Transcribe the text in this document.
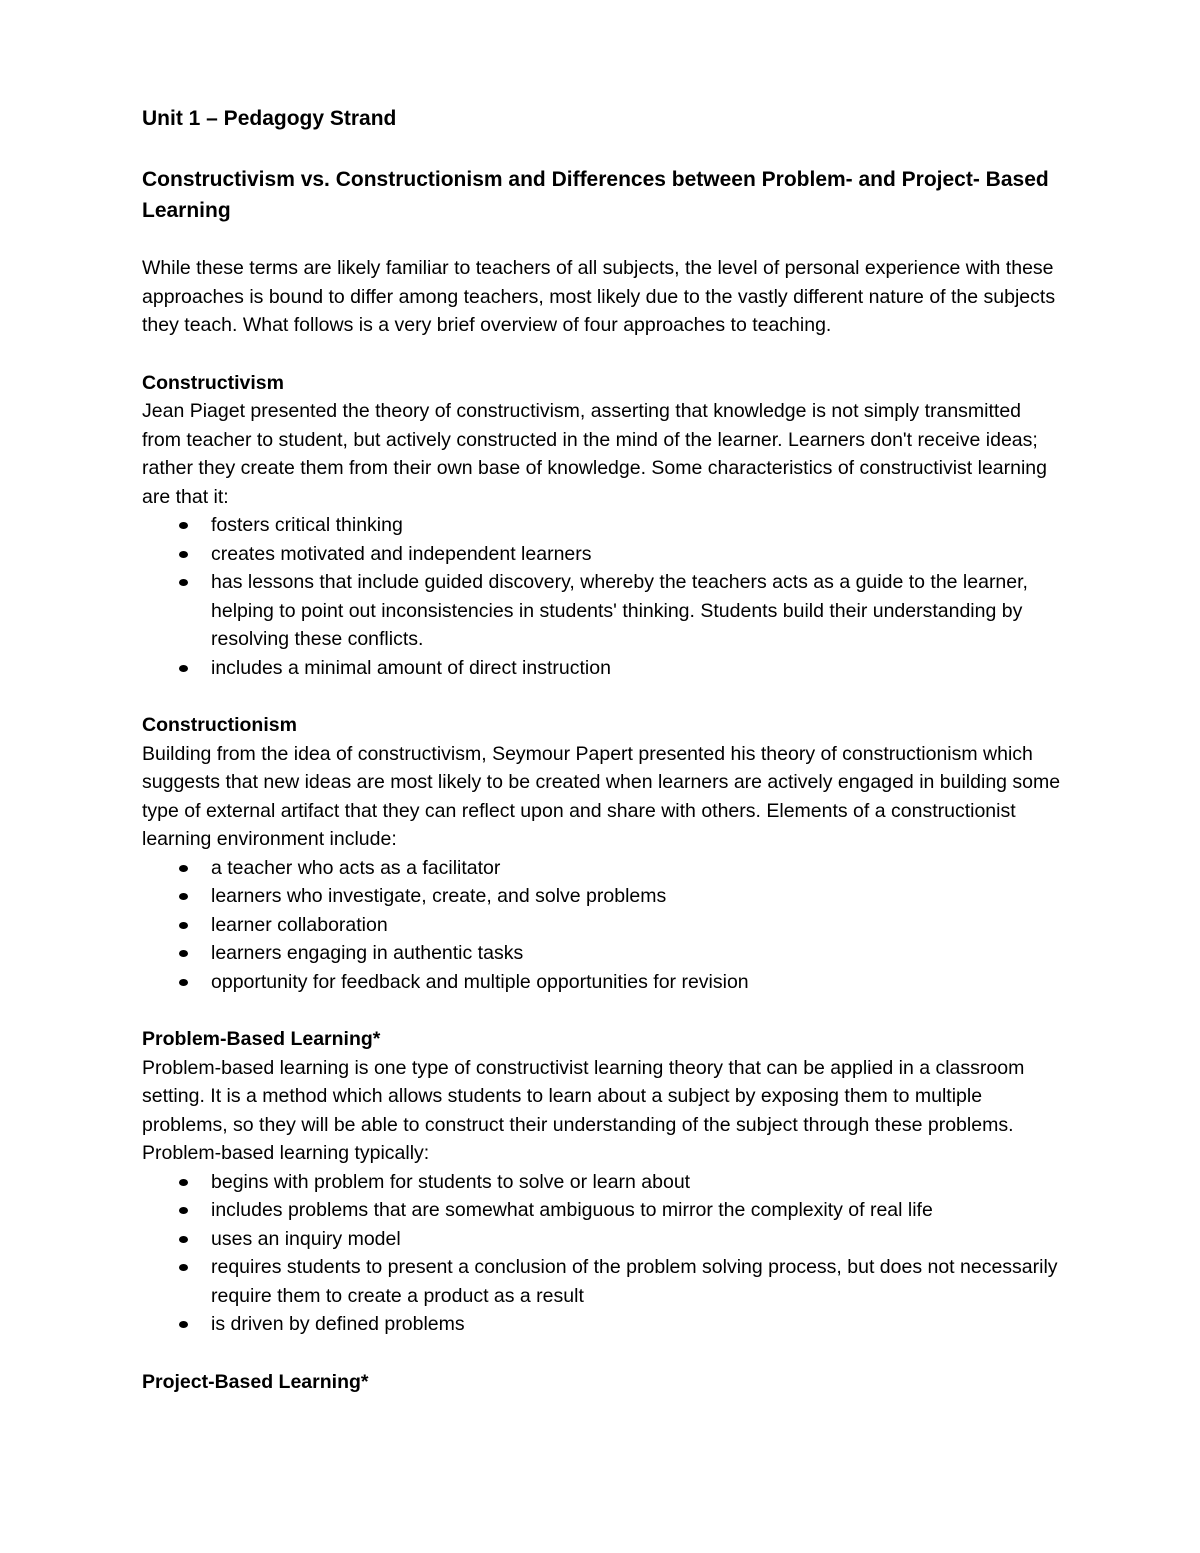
Unit 1 – Pedagogy Strand
Constructivism vs. Constructionism and Differences between Problem- and Project- Based Learning

While these terms are likely familiar to teachers of all subjects, the level of personal experience with these approaches is bound to differ among teachers, most likely due to the vastly different nature of the subjects they teach. What follows is a very brief overview of four approaches to teaching.

Constructivism

Jean Piaget presented the theory of constructivism, asserting that knowledge is not simply transmitted from teacher to student, but actively constructed in the mind of the learner. Learners don't receive ideas; rather they create them from their own base of knowledge. Some characteristics of constructivist learning are that it:

fosters critical thinking
creates motivated and independent learners
has lessons that include guided discovery, whereby the teachers acts as a guide to the learner, helping to point out inconsistencies in students' thinking. Students build their understanding by resolving these conflicts.
includes a minimal amount of direct instruction
Constructionism

Building from the idea of constructivism, Seymour Papert presented his theory of constructionism which suggests that new ideas are most likely to be created when learners are actively engaged in building some type of external artifact that they can reflect upon and share with others. Elements of a constructionist learning environment include:

a teacher who acts as a facilitator
learners who investigate, create, and solve problems
learner collaboration
learners engaging in authentic tasks
opportunity for feedback and multiple opportunities for revision
Problem-Based Learning*

Problem-based learning is one type of constructivist learning theory that can be applied in a classroom setting. It is a method which allows students to learn about a subject by exposing them to multiple problems, so they will be able to construct their understanding of the subject through these problems. Problem-based learning typically:

begins with problem for students to solve or learn about
includes problems that are somewhat ambiguous to mirror the complexity of real life
uses an inquiry model
requires students to present a conclusion of the problem solving process, but does not necessarily require them to create a product as a result
is driven by defined problems
Project-Based Learning*
